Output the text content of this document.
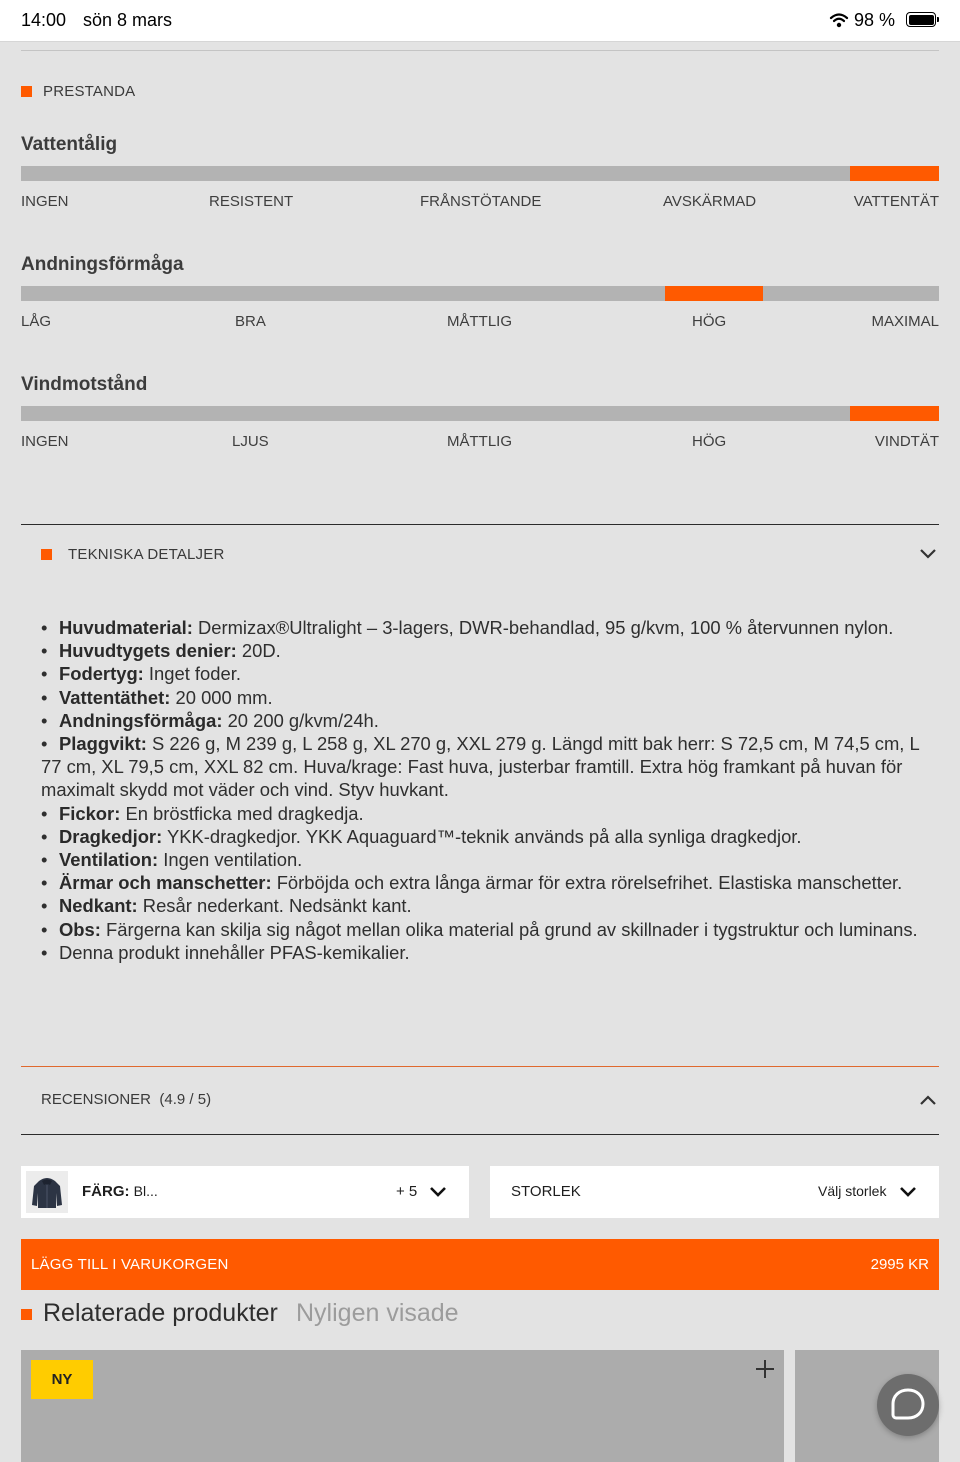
14:00 sön 8 mars	98 %
PRESTANDA
Vattentålig
INGEN	RESISTENT	FRÅNSTÖTANDE	AVSKÄRMAD	VATTENTÄT
Andningsförmåga
LÅG	BRA	MÅTTLIG	HÖG	MAXIMAL
Vindmotstånd
INGEN	LJUS	MÅTTLIG	HÖG	VINDTÄT
TEKNISKA DETALJER

• Huvudmaterial: Dermizax®Ultralight – 3-lagers, DWR-behandlad, 95 g/kvm, 100 % återvunnen nylon.

• Huvudtygets denier: 20D.

• Fodertyg: Inget foder.

• Vattentäthet: 20 000 mm.

• Andningsförmåga: 20 200 g/kvm/24h.

• Plaggvikt: S 226 g, M 239 g, L 258 g, XL 270 g, XXL 279 g. Längd mitt bak herr: S 72,5 cm, M 74,5 cm, L 77 cm, XL 79,5 cm, XXL 82 cm. Huva/krage: Fast huva, justerbar framtill. Extra hög framkant på huvan för maximalt skydd mot väder och vind. Styv huvkant.

• Fickor: En bröstficka med dragkedja.

• Dragkedjor: YKK-dragkedjor. YKK Aquaguard™-teknik används på alla synliga dragkedjor.

• Ventilation: Ingen ventilation.

• Ärmar och manschetter: Förböjda och extra långa ärmar för extra rörelsefrihet. Elastiska manschetter.

• Nedkant: Resår nederkant. Nedsänkt kant.

• Obs: Färgerna kan skilja sig något mellan olika material på grund av skillnader i tygstruktur och luminans.

• Denna produkt innehåller PFAS-kemikalier.

RECENSIONER (4.9 / 5)
FÄRG: Bl...	+ 5	STORLEK	Välj storlek
LÄGG TILL I VARUKORGEN	2995 KR
Relaterade produkter Nyligen visade
NY
